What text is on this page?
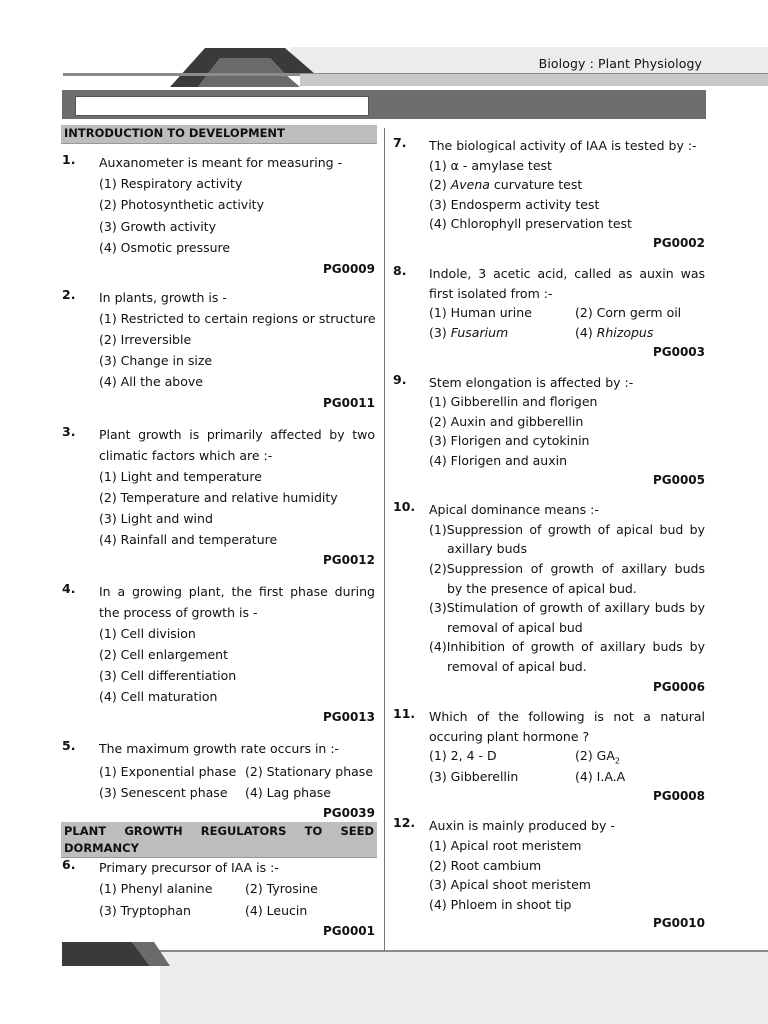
Biology : Plant Physiology
INTRODUCTION TO DEVELOPMENT
1. Auxanometer is meant for measuring -
(1) Respiratory activity
(2) Photosynthetic activity
(3) Growth activity
(4) Osmotic pressure
PG0009
2. In plants, growth is -
(1) Restricted to certain regions or structure
(2) Irreversible
(3) Change in size
(4) All the above
PG0011
3. Plant growth is primarily affected by two
climatic factors which are :-
(1) Light and temperature
(2) Temperature and relative humidity
(3) Light and wind
(4) Rainfall and temperature
PG0012
4. In a growing plant, the first phase during
the process of growth is -
(1) Cell division
(2) Cell enlargement
(3) Cell differentiation
(4) Cell maturation
PG0013
5. The maximum growth rate occurs in :-
(1) Exponential phase (2) Stationary phase
(3) Senescent phase (4) Lag phase
PG0039
PLANT GROWTH REGULATORS TO SEED
DORMANCY
6. Primary precursor of IAA is :-
(1) Phenyl alanine	(2) Tyrosine
(3) Tryptophan	(4) Leucin
PG0001
7. The biological activity of IAA is tested by :-
(1) α - amylase test
(2) Avena curvature test
(3) Endosperm activity test
(4) Chlorophyll preservation test
PG0002
8. Indole, 3 acetic acid, called as auxin was
first isolated from :-
(1) Human urine	(2) Corn germ oil
(3) Fusarium	(4) Rhizopus
PG0003
9. Stem elongation is affected by :-
(1) Gibberellin and florigen
(2) Auxin and gibberellin
(3) Florigen and cytokinin
(4) Florigen and auxin
PG0005
10. Apical dominance means :-
(1)Suppression of growth of apical bud by
axillary buds
(2)Suppression of growth of axillary buds
by the presence of apical bud.
(3)Stimulation of growth of axillary buds by
removal of apical bud
(4)Inhibition of growth of axillary buds by
removal of apical bud.
PG0006
11. Which of the following is not a natural
occuring plant hormone ?
(1) 2, 4 - D	(2) $GA_2$
(3) Gibberellin	(4) I.A.A
PG0008
12. Auxin is mainly produced by -
(1) Apical root meristem
(2) Root cambium
(3) Apical shoot meristem
(4) Phloem in shoot tip
PG0010
